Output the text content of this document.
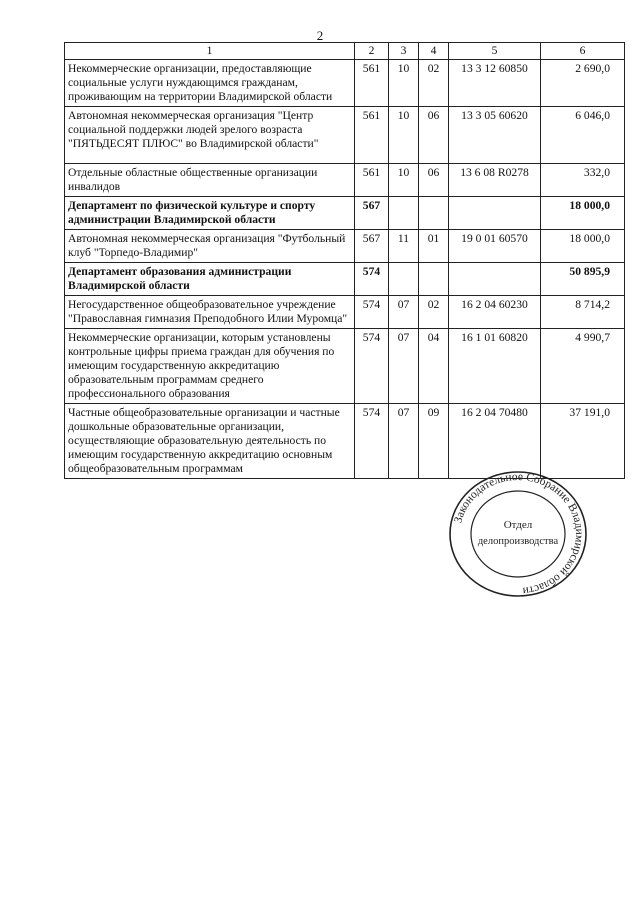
2
1	2	3	4	5	6
Некоммерческие организации, предоставляющие социальные услуги нуждающимся гражданам, проживающим на территории Владимирской области	561	10	02	13 3 12 60850	2 690,0
Автономная некоммерческая организация "Центр социальной поддержки людей зрелого возраста "ПЯТЬДЕСЯТ ПЛЮС" во Владимирской области"	561	10	06	13 3 05 60620	6 046,0
Отдельные областные общественные организации инвалидов	561	10	06	13 6 08 R0278	332,0
Департамент по физической культуре и спорту администрации Владимирской области	567				18 000,0
Автономная некоммерческая организация "Футбольный клуб "Торпедо-Владимир"	567	11	01	19 0 01 60570	18 000,0
Департамент образования администрации Владимирской области	574				50 895,9
Негосударственное общеобразовательное учреждение "Православная гимназия Преподобного Илии Муромца"	574	07	02	16 2 04 60230	8 714,2
Некоммерческие организации, которым установлены контрольные цифры приема граждан для обучения по имеющим государственную аккредитацию образовательным программам среднего профессионального образования	574	07	04	16 1 01 60820	4 990,7
Частные общеобразовательные организации и частные дошкольные образовательные организации, осуществляющие образовательную деятельность по имеющим государственную аккредитацию основным общеобразовательным программам	574	07	09	16 2 04 70480	37 191,0
Законодательное Собрание Владимирской области
Отдел
делопроизводства
